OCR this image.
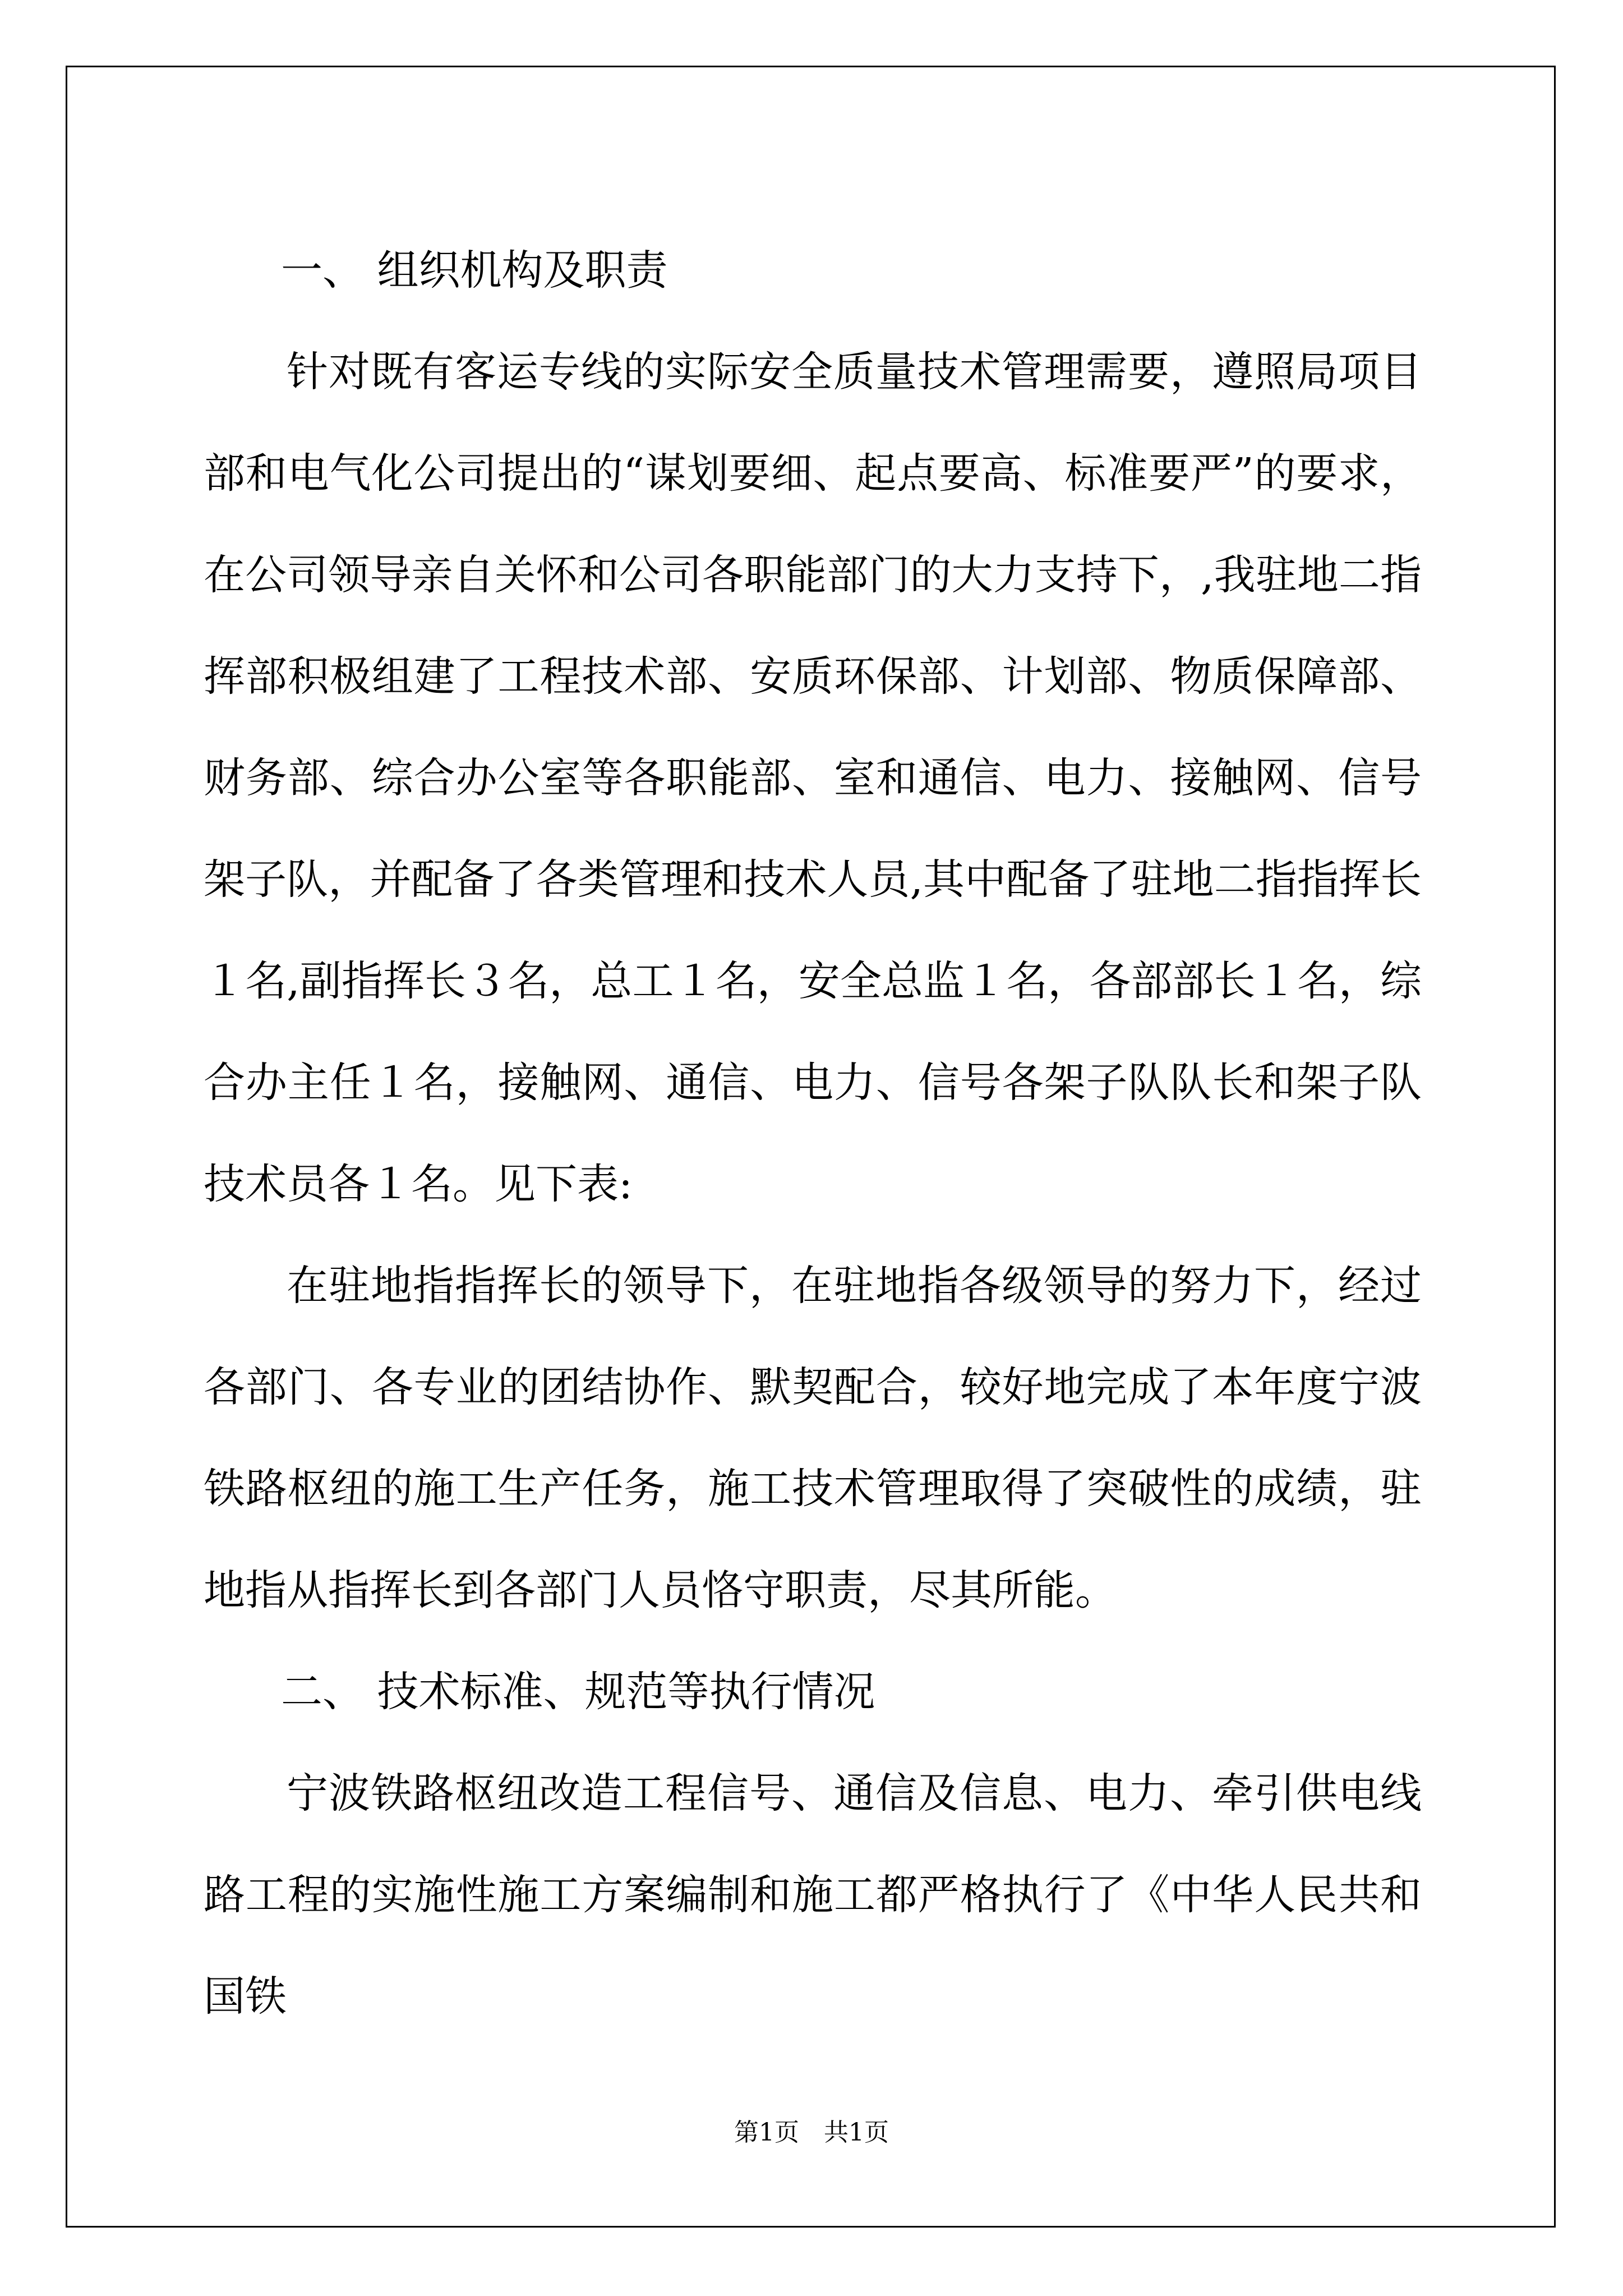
一、 组织机构及职责

针对既有客运专线的实际安全质量技术管理需要，遵照局项目部和电气化公司提出的“谋划要细、起点要高、标准要严”的要求，在公司领导亲自关怀和公司各职能部门的大力支持下，,我驻地二指挥部积极组建了工程技术部、安质环保部、计划部、物质保障部、财务部、综合办公室等各职能部、室和通信、电力、接触网、信号架子队，并配备了各类管理和技术人员,其中配备了驻地二指指挥长１名,副指挥长３名，总工１名，安全总监１名，各部部长１名，综合办主任１名，接触网、通信、电力、信号各架子队队长和架子队技术员各１名。见下表:

在驻地指指挥长的领导下，在驻地指各级领导的努力下，经过各部门、各专业的团结协作、默契配合，较好地完成了本年度宁波铁路枢纽的施工生产任务，施工技术管理取得了突破性的成绩，驻地指从指挥长到各部门人员恪守职责，尽其所能。

二、 技术标准、规范等执行情况

宁波铁路枢纽改造工程信号、通信及信息、电力、牵引供电线路工程的实施性施工方案编制和施工都严格执行了《中华人民共和国铁

第1页 共1页
